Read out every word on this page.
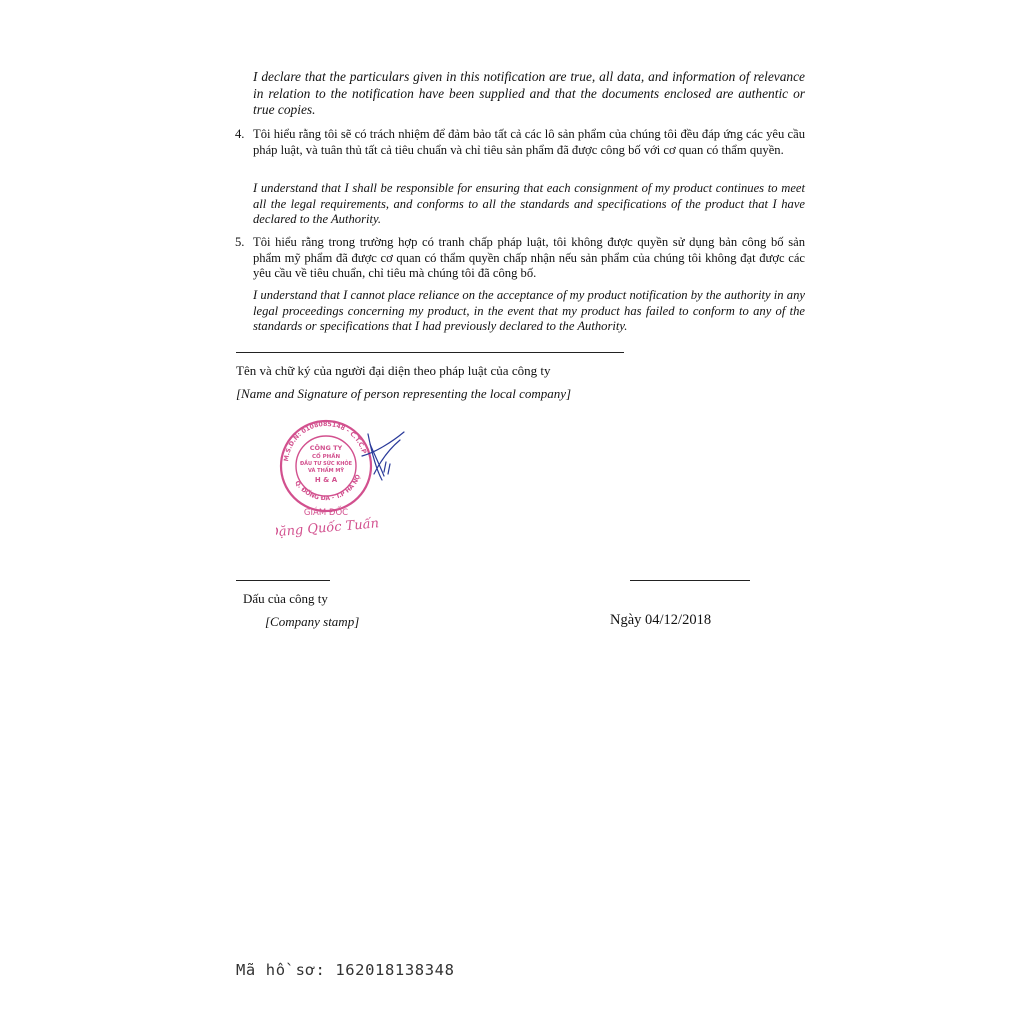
I declare that the particulars given in this notification are true, all data, and information of relevance in relation to the notification have been supplied and that the documents enclosed are authentic or true copies.

4. Tôi hiểu rằng tôi sẽ có trách nhiệm để đảm bảo tất cả các lô sản phẩm của chúng tôi đều đáp ứng các yêu cầu pháp luật, và tuân thủ tất cả tiêu chuẩn và chỉ tiêu sản phẩm đã được công bố với cơ quan có thẩm quyền.

I understand that I shall be responsible for ensuring that each consignment of my product continues to meet all the legal requirements, and conforms to all the standards and specifications of the product that I have declared to the Authority.

5. Tôi hiểu rằng trong trường hợp có tranh chấp pháp luật, tôi không được quyền sử dụng bản công bố sản phẩm mỹ phẩm đã được cơ quan có thẩm quyền chấp nhận nếu sản phẩm của chúng tôi không đạt được các yêu cầu về tiêu chuẩn, chỉ tiêu mà chúng tôi đã công bố.

I understand that I cannot place reliance on the acceptance of my product notification by the authority in any legal proceedings concerning my product, in the event that my product has failed to conform to any of the standards or specifications that I had previously declared to the Authority.

Tên và chữ ký của người đại diện theo pháp luật của công ty
[Name and Signature of person representing the local company]
M.S.D.N: 0108085148 - C.T.C.P
Q. ĐỐNG ĐA - T.P HÀ NỘ
CÔNG TY
CỔ PHẦN
ĐẦU TƯ SỨC KHỎE
VÀ THẨM MỸ
H & A
GIÁM ĐỐC
Đặng Quốc Tuấn
Dấu của công ty
[Company stamp]	Ngày 04/12/2018
Mã hồ sơ: 162018138348
